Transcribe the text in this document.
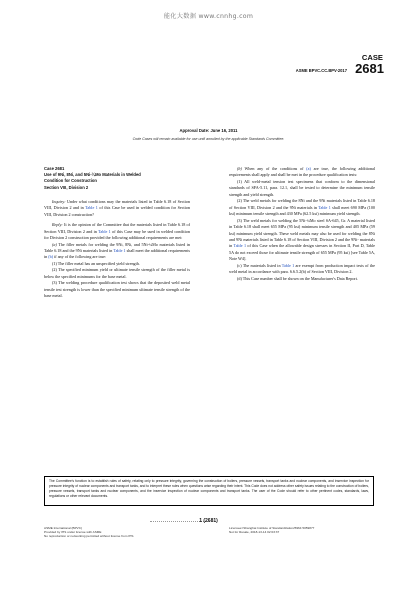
能化大数据 www.cnnhg.com
CASE
2681
ASME BPVC.CC.BPV-2017
Approval Date: June 16, 2011
Code Cases will remain available for use until annulled by the applicable Standards Committee.
Case 2681
Use of 9Ni, 8Ni, and 5Ni-¼Mo Materials in Welded
Condition for Construction
Section VIII, Division 2

Inquiry: Under what conditions may the materials listed in Table 6.18 of Section VIII, Division 2 and in Table 1 of this Case be used in welded condition for Section VIII, Division 2 construction?

Reply: It is the opinion of the Committee that the materials listed in Table 6.18 of Section VIII, Division 2 and in Table 1 of this Case may be used in welded condition for Division 2 construction provided the following additional requirements are met:

(a) The filler metals for welding the 9Ni, 8Ni, and 5Ni-¼Mo materials listed in Table 6.18 and the 9Ni materials listed in Table 1 shall meet the additional requirements in (b) if any of the following are true:

(1) The filler metal has an unspecified yield strength.

(2) The specified minimum yield or ultimate tensile strength of the filler metal is below the specified minimums for the base metal.

(3) The welding procedure qualification test shows that the deposited weld metal tensile test strength is lower than the specified minimum ultimate tensile strength of the base metal.

(b) When any of the conditions of (a) are true, the following additional requirements shall apply and shall be met in the procedure qualification tests:

(1) All weld-metal tension test specimens that conform to the dimensional standards of SFA-5.11, para. 12.1, shall be tested to determine the minimum tensile strength and yield strength.

(2) The weld metals for welding the 8Ni and the 9Ni materials listed in Table 6.18 of Section VIII, Division 2 and the 9Ni materials in Table 1 shall meet 690 MPa (100 ksi) minimum tensile strength and 430 MPa (62.5 ksi) minimum yield strength.

(3) The weld metals for welding the 5Ni-¼Mo steel SA-645, Gr. A material listed in Table 6.18 shall meet 655 MPa (95 ksi) minimum tensile strength and 405 MPa (59 ksi) minimum yield strength. These weld metals may also be used for welding the 8Ni and 9Ni materials listed in Table 6.18 of Section VIII, Division 2 and the 9Ni- materials in Table 1 of this Case when the allowable design stresses in Section II, Part D, Table 5A do not exceed those for ultimate tensile strength of 655 MPa (95 ksi) [see Table 5A, Note W4].

(c) The materials listed in Table 1 are exempt from production impact tests of the weld metal in accordance with para. 6.6.5.2(b) of Section VIII, Division 2.

(d) This Case number shall be shown on the Manufacturer's Data Report.

The Committee's function is to establish rules of safety, relating only to pressure integrity, governing the construction of boilers, pressure vessels, transport tanks and nuclear components, and inservice inspection for pressure integrity of nuclear components and transport tanks, and to interpret these rules when questions arise regarding their intent. This Code does not address other safety issues relating to the construction of boilers, pressure vessels, transport tanks and nuclear components, and the inservice inspection of nuclear components and transport tanks. The user of the Code should refer to other pertinent codes, standards, laws, regulations or other relevant documents.
1 (2681)
ASME International (BPVC)
Provided by IHS under license with ASME
No reproduction or networking permitted without license from IHS
Licensee=Shanghai Institute of Standardization/5964 5059877
Not for Resale, 2018-13-14 02:03:37
